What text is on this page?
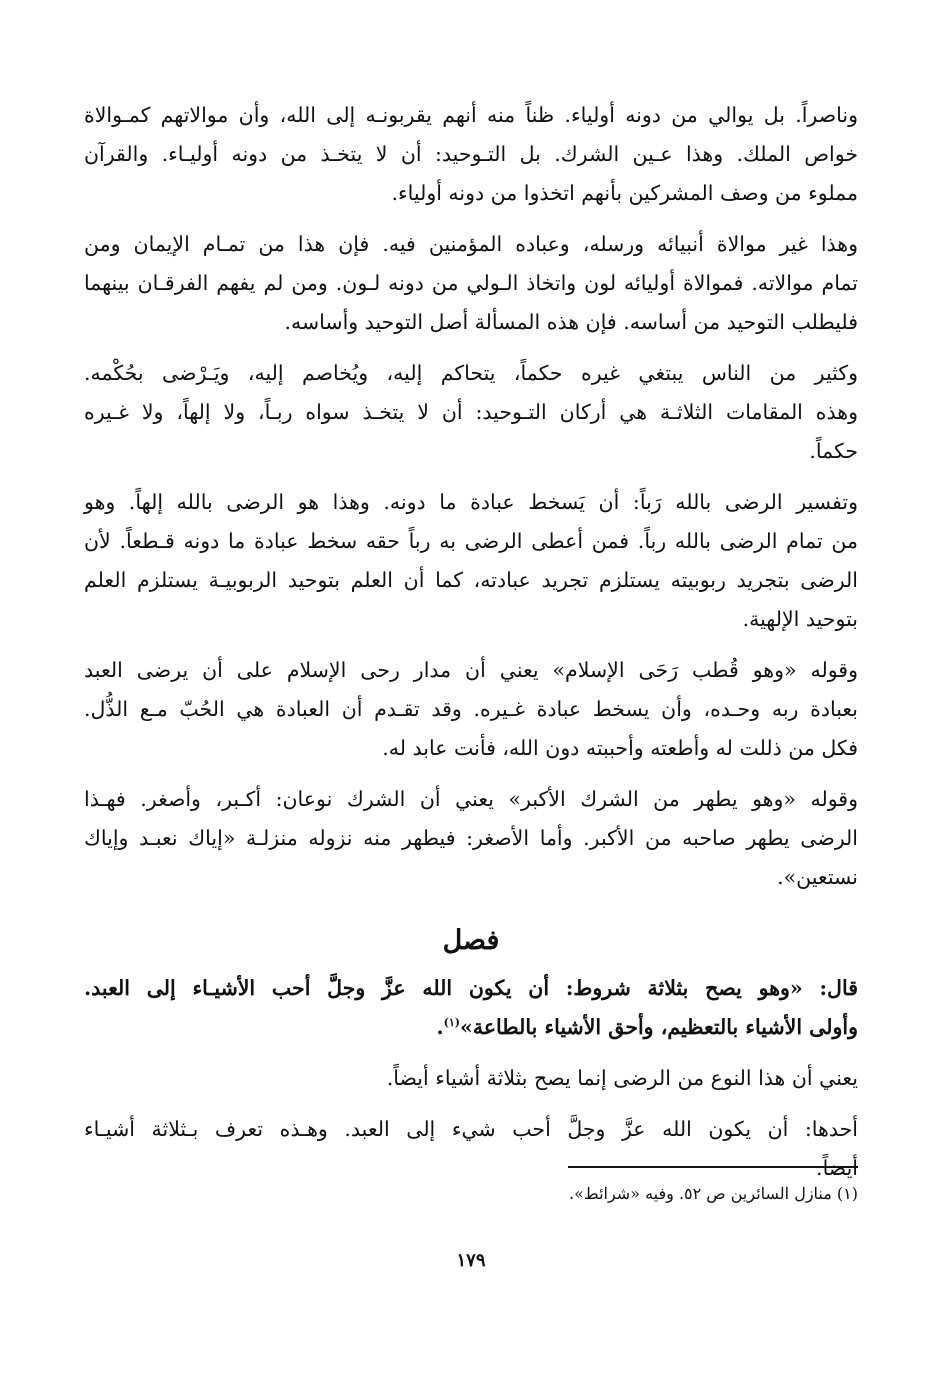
وناصراً. بل يوالي من دونه أولياء. ظناً منه أنهم يقربونـه إلى الله، وأن موالاتهم كمـوالاة
خواص الملك. وهذا عـين الشرك. بل التـوحيد: أن لا يتخـذ من دونه أوليـاء. والقرآن
مملوء من وصف المشركين بأنهم اتخذوا من دونه أولياء.

وهذا غير موالاة أنبيائه ورسله، وعباده المؤمنين فيه. فإن هذا من تمـام الإيمان ومن
تمام موالاته. فموالاة أوليائه لون واتخاذ الـولي من دونه لـون. ومن لم يفهم الفرقـان بينهما
فليطلب التوحيد من أساسه. فإن هذه المسألة أصل التوحيد وأساسه.

وكثير من الناس يبتغي غيره حكماً، يتحاكم إليه، ويُخاصم إليه، ويَـرْضى بحُكْمه.
وهذه المقامات الثلاثـة هي أركان التـوحيد: أن لا يتخـذ سواه ربـاً، ولا إلهاً، ولا غـيره
حكماً.

وتفسير الرضى بالله رَباً: أن يَسخط عبادة ما دونه. وهذا هو الرضى بالله إلهاً. وهو
من تمام الرضى بالله رباً. فمن أعطى الرضى به رباً حقه سخط عبادة ما دونه قـطعاً. لأن
الرضى بتجريد ربوبيته يستلزم تجريد عبادته، كما أن العلم بتوحيد الربوبيـة يستلزم العلم
بتوحيد الإلهية.

وقوله «وهو قُطب رَحَى الإسلام» يعني أن مدار رحى الإسلام على أن يرضى العبد
بعبادة ربه وحـده، وأن يسخط عبادة غـيره. وقد تقـدم أن العبادة هي الحُبّ مـع الذُّل.
فكل من ذللت له وأطعته وأحببته دون الله، فأنت عابد له.

وقوله «وهو يطهر من الشرك الأكبر» يعني أن الشرك نوعان: أكـبر، وأصغر. فهـذا
الرضى يطهر صاحبه من الأكبر. وأما الأصغر: فيطهر منه نزوله منزلـة «إياك نعبـد وإياك
نستعين».

فصل

قال: «وهو يصح بثلاثة شروط: أن يكون الله عزَّ وجلَّ أحب الأشيـاء إلى العبد.
وأولى الأشياء بالتعظيم، وأحق الأشياء بالطاعة»$^{(١)}$.

يعني أن هذا النوع من الرضى إنما يصح بثلاثة أشياء أيضاً.

أحدها: أن يكون الله عزَّ وجلَّ أحب شيء إلى العبد. وهـذه تعرف بـثلاثة أشيـاء
أيضاً.

(١) منازل السائرين ص ٥٢. وفيه «شرائط».
١٧٩
